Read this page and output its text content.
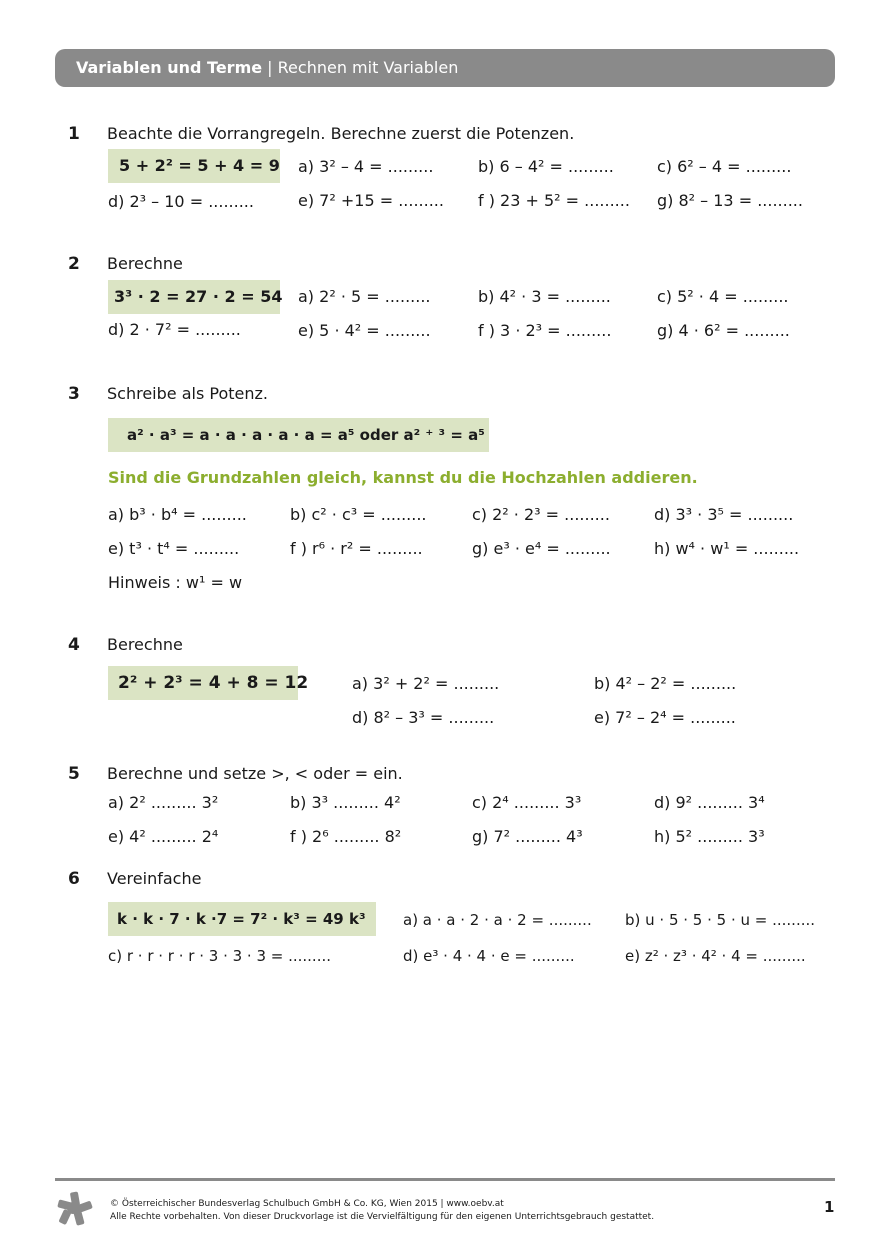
Variablen und Terme | Rechnen mit Variablen
1 Beachte die Vorrangregeln. Berechne zuerst die Potenzen.
5 + 2² = 5 + 4 = 9 a) 3² – 4 = .........	b) 6 – 4² = .........	c) 6² – 4 = .........
d) 2³ – 10 = .........	e) 7² +15 = ......... f ) 23 + 5² = ......... g) 8² – 13 = .........
2 Berechne
3³ · 2 = 27 · 2 = 54 a) 2² · 5 = .........	b) 4² · 3 = .........	c) 5² · 4 = .........
d) 2 · 7² = .........	e) 5 · 4² = .........	f ) 3 · 2³ = .........	g) 4 · 6² = .........
3 Schreibe als Potenz.
a² · a³ = a · a · a · a · a = a⁵ oder a² ⁺ ³ = a⁵
Sind die Grundzahlen gleich, kannst du die Hochzahlen addieren.
a) b³ · b⁴ = .........	b) c² · c³ = .........	c) 2² · 2³ = .........	d) 3³ · 3⁵ = .........
e) t³ · t⁴ = .........	f ) r⁶ · r² = .........	g) e³ · e⁴ = .........	h) w⁴ · w¹ = .........
Hinweis : w¹ = w
4 Berechne
2² + 2³ = 4 + 8 = 12	a) 3² + 2² = .........	b) 4² – 2² = .........
d) 8² – 3³ = .........	e) 7² – 2⁴ = .........
5 Berechne und setze >, < oder = ein.
a) 2² ......... 3²	b) 3³ ......... 4²	c) 2⁴ ......... 3³	d) 9² ......... 3⁴
e) 4² ......... 2⁴	f ) 2⁶ ......... 8²	g) 7² ......... 4³	h) 5² ......... 3³
6 Vereinfache
k · k · 7 · k ·7 = 7² · k³ = 49 k³	a) a · a · 2 · a · 2 = ......... b) u · 5 · 5 · 5 · u = .........
c) r · r · r · r · 3 · 3 · 3 = .........	d) e³ · 4 · 4 · e = .........	e) z² · z³ · 4² · 4 = .........
© Österreichischer Bundesverlag Schulbuch GmbH & Co. KG, Wien 2015 | www.oebv.at
Alle Rechte vorbehalten. Von dieser Druckvorlage ist die Vervielfältigung für den eigenen Unterrichtsgebrauch gestattet.
1
